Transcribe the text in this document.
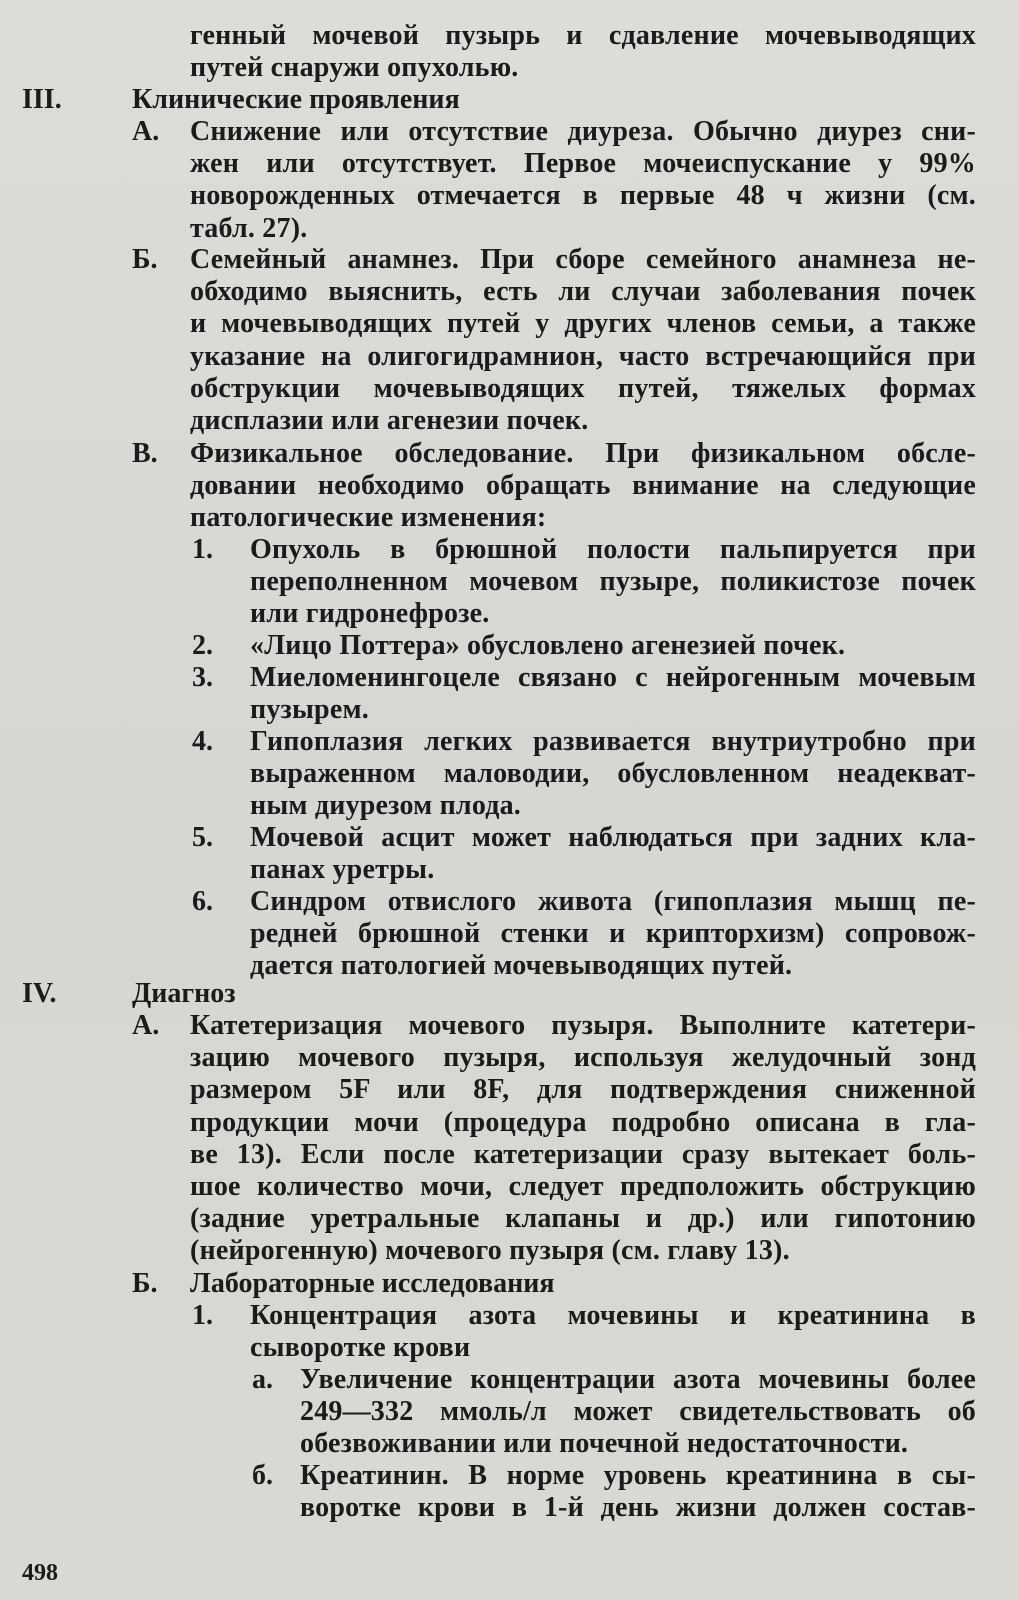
генный мочевой пузырь и сдавление мочевыводящих
путей снаружи опухолью.
III.	Клинические проявления
А. Снижение или отсутствие диуреза. Обычно диурез сни-
жен или отсутствует. Первое мочеиспускание у 99%
новорожденных отмечается в первые 48 ч жизни (см.
табл. 27).
Б. Семейный анамнез. При сборе семейного анамнеза не-
обходимо выяснить, есть ли случаи заболевания почек
и мочевыводящих путей у других членов семьи, а также
указание на олигогидрамнион, часто встречающийся при
обструкции мочевыводящих путей, тяжелых формах
дисплазии или агенезии почек.
В. Физикальное обследование. При физикальном обсле-
довании необходимо обращать внимание на следующие
патологические изменения:
1. Опухоль в брюшной полости пальпируется при
переполненном мочевом пузыре, поликистозе почек
или гидронефрозе.
2. «Лицо Поттера» обусловлено агенезией почек.
3. Миеломенингоцеле связано с нейрогенным мочевым
пузырем.
4. Гипоплазия легких развивается внутриутробно при
выраженном маловодии, обусловленном неадекват-
ным диурезом плода.
5. Мочевой асцит может наблюдаться при задних кла-
панах уретры.
6. Синдром отвислого живота (гипоплазия мышц пе-
редней брюшной стенки и крипторхизм) сопровож-
дается патологией мочевыводящих путей.
IV.	Диагноз
А. Катетеризация мочевого пузыря. Выполните катетери-
зацию мочевого пузыря, используя желудочный зонд
размером 5F или 8F, для подтверждения сниженной
продукции мочи (процедура подробно описана в гла-
ве 13). Если после катетеризации сразу вытекает боль-
шое количество мочи, следует предположить обструкцию
(задние уретральные клапаны и др.) или гипотонию
(нейрогенную) мочевого пузыря (см. главу 13).
Б. Лабораторные исследования
1. Концентрация азота мочевины и креатинина в
сыворотке крови
а. Увеличение концентрации азота мочевины более
249—332 ммоль/л может свидетельствовать об
обезвоживании или почечной недостаточности.
б. Креатинин. В норме уровень креатинина в сы-
воротке крови в 1-й день жизни должен состав-
498
